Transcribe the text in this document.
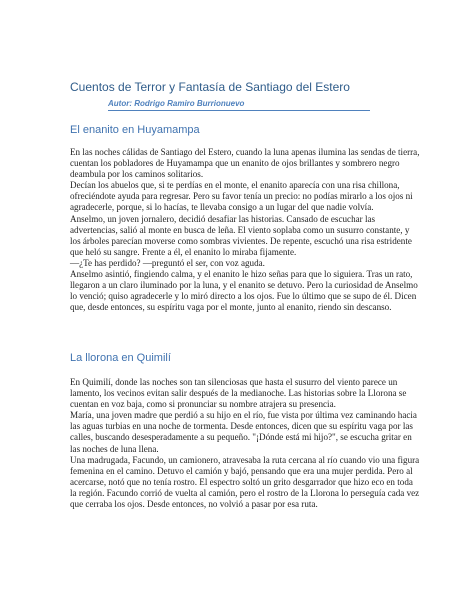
Cuentos de Terror y Fantasía de Santiago del Estero
Autor: Rodrigo Ramiro Burrionuevo
El enanito en Huyamampa

En las noches cálidas de Santiago del Estero, cuando la luna apenas ilumina las sendas de tierra, cuentan los pobladores de Huyamampa que un enanito de ojos brillantes y sombrero negro deambula por los caminos solitarios.

Decían los abuelos que, si te perdías en el monte, el enanito aparecía con una risa chillona, ofreciéndote ayuda para regresar. Pero su favor tenía un precio: no podías mirarlo a los ojos ni agradecerle, porque, si lo hacías, te llevaba consigo a un lugar del que nadie volvía.

Anselmo, un joven jornalero, decidió desafiar las historias. Cansado de escuchar las advertencias, salió al monte en busca de leña. El viento soplaba como un susurro constante, y los árboles parecían moverse como sombras vivientes. De repente, escuchó una risa estridente que heló su sangre. Frente a él, el enanito lo miraba fijamente.

—¿Te has perdido? —preguntó el ser, con voz aguda.

Anselmo asintió, fingiendo calma, y el enanito le hizo señas para que lo siguiera. Tras un rato, llegaron a un claro iluminado por la luna, y el enanito se detuvo. Pero la curiosidad de Anselmo lo venció; quiso agradecerle y lo miró directo a los ojos. Fue lo último que se supo de él. Dicen que, desde entonces, su espíritu vaga por el monte, junto al enanito, riendo sin descanso.

La llorona en Quimilí

En Quimilí, donde las noches son tan silenciosas que hasta el susurro del viento parece un lamento, los vecinos evitan salir después de la medianoche. Las historias sobre la Llorona se cuentan en voz baja, como si pronunciar su nombre atrajera su presencia.

María, una joven madre que perdió a su hijo en el río, fue vista por última vez caminando hacia las aguas turbias en una noche de tormenta. Desde entonces, dicen que su espíritu vaga por las calles, buscando desesperadamente a su pequeño. "¡Dónde está mi hijo?", se escucha gritar en las noches de luna llena.

Una madrugada, Facundo, un camionero, atravesaba la ruta cercana al río cuando vio una figura femenina en el camino. Detuvo el camión y bajó, pensando que era una mujer perdida. Pero al acercarse, notó que no tenía rostro. El espectro soltó un grito desgarrador que hizo eco en toda la región. Facundo corrió de vuelta al camión, pero el rostro de la Llorona lo perseguía cada vez que cerraba los ojos. Desde entonces, no volvió a pasar por esa ruta.
